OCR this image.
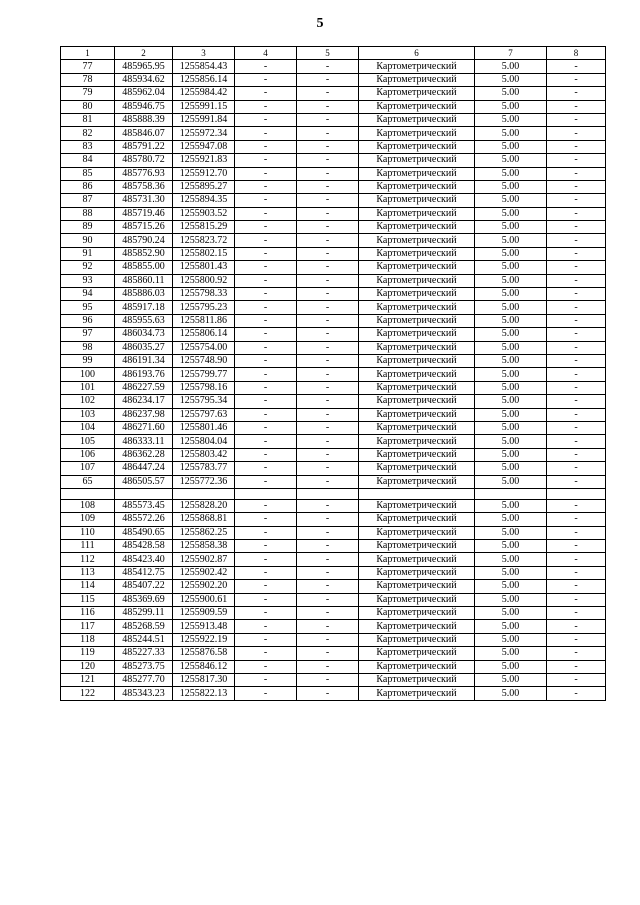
5
1	2	3	4	5	6	7	8
77	485965.95	1255854.43	-	-	Картометрический	5.00	-
78	485934.62	1255856.14	-	-	Картометрический	5.00	-
79	485962.04	1255984.42	-	-	Картометрический	5.00	-
80	485946.75	1255991.15	-	-	Картометрический	5.00	-
81	485888.39	1255991.84	-	-	Картометрический	5.00	-
82	485846.07	1255972.34	-	-	Картометрический	5.00	-
83	485791.22	1255947.08	-	-	Картометрический	5.00	-
84	485780.72	1255921.83	-	-	Картометрический	5.00	-
85	485776.93	1255912.70	-	-	Картометрический	5.00	-
86	485758.36	1255895.27	-	-	Картометрический	5.00	-
87	485731.30	1255894.35	-	-	Картометрический	5.00	-
88	485719.46	1255903.52	-	-	Картометрический	5.00	-
89	485715.26	1255815.29	-	-	Картометрический	5.00	-
90	485790.24	1255823.72	-	-	Картометрический	5.00	-
91	485852.90	1255802.15	-	-	Картометрический	5.00	-
92	485855.00	1255801.43	-	-	Картометрический	5.00	-
93	485860.11	1255800.92	-	-	Картометрический	5.00	-
94	485886.03	1255798.33	-	-	Картометрический	5.00	-
95	485917.18	1255795.23	-	-	Картометрический	5.00	-
96	485955.63	1255811.86	-	-	Картометрический	5.00	-
97	486034.73	1255806.14	-	-	Картометрический	5.00	-
98	486035.27	1255754.00	-	-	Картометрический	5.00	-
99	486191.34	1255748.90	-	-	Картометрический	5.00	-
100	486193.76	1255799.77	-	-	Картометрический	5.00	-
101	486227.59	1255798.16	-	-	Картометрический	5.00	-
102	486234.17	1255795.34	-	-	Картометрический	5.00	-
103	486237.98	1255797.63	-	-	Картометрический	5.00	-
104	486271.60	1255801.46	-	-	Картометрический	5.00	-
105	486333.11	1255804.04	-	-	Картометрический	5.00	-
106	486362.28	1255803.42	-	-	Картометрический	5.00	-
107	486447.24	1255783.77	-	-	Картометрический	5.00	-
65	486505.57	1255772.36	-	-	Картометрический	5.00	-

108	485573.45	1255828.20	-	-	Картометрический	5.00	-
109	485572.26	1255868.81	-	-	Картометрический	5.00	-
110	485490.65	1255862.25	-	-	Картометрический	5.00	-
111	485428.58	1255858.38	-	-	Картометрический	5.00	-
112	485423.40	1255902.87	-	-	Картометрический	5.00	-
113	485412.75	1255902.42	-	-	Картометрический	5.00	-
114	485407.22	1255902.20	-	-	Картометрический	5.00	-
115	485369.69	1255900.61	-	-	Картометрический	5.00	-
116	485299.11	1255909.59	-	-	Картометрический	5.00	-
117	485268.59	1255913.48	-	-	Картометрический	5.00	-
118	485244.51	1255922.19	-	-	Картометрический	5.00	-
119	485227.33	1255876.58	-	-	Картометрический	5.00	-
120	485273.75	1255846.12	-	-	Картометрический	5.00	-
121	485277.70	1255817.30	-	-	Картометрический	5.00	-
122	485343.23	1255822.13	-	-	Картометрический	5.00	-
